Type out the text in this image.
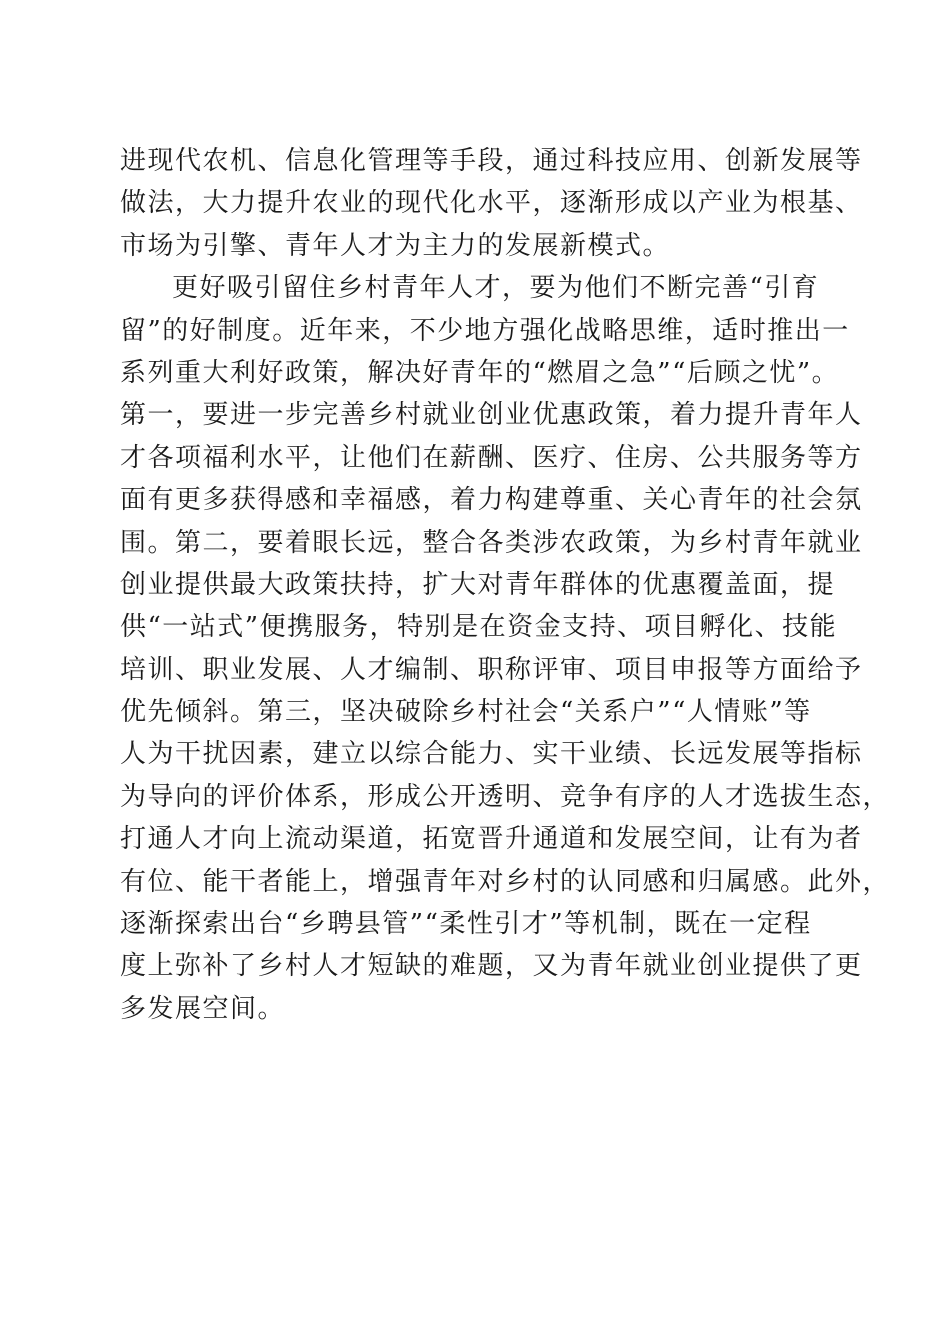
进现代农机、信息化管理等手段，通过科技应用、创新发展等
做法，大力提升农业的现代化水平，逐渐形成以产业为根基、
市场为引擎、青年人才为主力的发展新模式。
更好吸引留住乡村青年人才，要为他们不断完善“引育
留”的好制度。近年来，不少地方强化战略思维，适时推出一
系列重大利好政策，解决好青年的“燃眉之急”“后顾之忧”。
第一，要进一步完善乡村就业创业优惠政策，着力提升青年人
才各项福利水平，让他们在薪酬、医疗、住房、公共服务等方
面有更多获得感和幸福感，着力构建尊重、关心青年的社会氛
围。第二，要着眼长远，整合各类涉农政策，为乡村青年就业
创业提供最大政策扶持，扩大对青年群体的优惠覆盖面，提
供“一站式”便携服务，特别是在资金支持、项目孵化、技能
培训、职业发展、人才编制、职称评审、项目申报等方面给予
优先倾斜。第三，坚决破除乡村社会“关系户”“人情账”等
人为干扰因素，建立以综合能力、实干业绩、长远发展等指标
为导向的评价体系，形成公开透明、竞争有序的人才选拔生态，
打通人才向上流动渠道，拓宽晋升通道和发展空间，让有为者
有位、能干者能上，增强青年对乡村的认同感和归属感。此外，
逐渐探索出台“乡聘县管”“柔性引才”等机制，既在一定程
度上弥补了乡村人才短缺的难题，又为青年就业创业提供了更
多发展空间。
